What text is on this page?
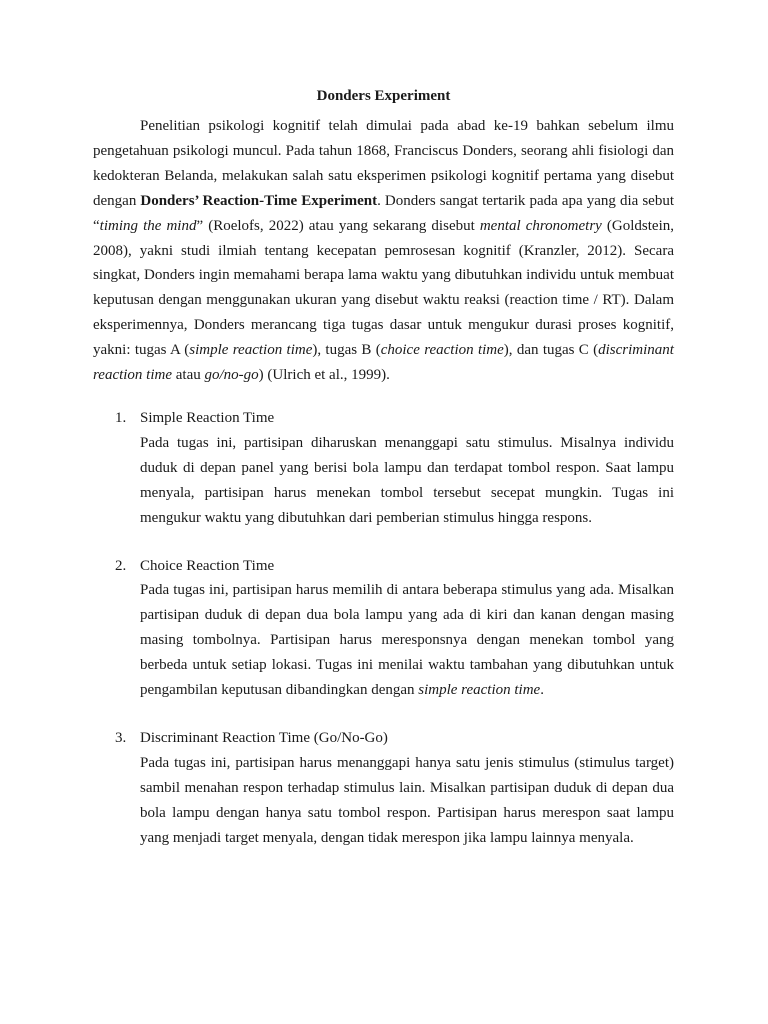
Donders Experiment

Penelitian psikologi kognitif telah dimulai pada abad ke-19 bahkan sebelum ilmu pengetahuan psikologi muncul. Pada tahun 1868, Franciscus Donders, seorang ahli fisiologi dan kedokteran Belanda, melakukan salah satu eksperimen psikologi kognitif pertama yang disebut dengan Donders’ Reaction-Time Experiment. Donders sangat tertarik pada apa yang dia sebut “timing the mind” (Roelofs, 2022) atau yang sekarang disebut mental chronometry (Goldstein, 2008), yakni studi ilmiah tentang kecepatan pemrosesan kognitif (Kranzler, 2012). Secara singkat, Donders ingin memahami berapa lama waktu yang dibutuhkan individu untuk membuat keputusan dengan menggunakan ukuran yang disebut waktu reaksi (reaction time / RT). Dalam eksperimennya, Donders merancang tiga tugas dasar untuk mengukur durasi proses kognitif, yakni: tugas A (simple reaction time), tugas B (choice reaction time), dan tugas C (discriminant reaction time atau go/no-go) (Ulrich et al., 1999).

1. Simple Reaction Time

Pada tugas ini, partisipan diharuskan menanggapi satu stimulus. Misalnya individu duduk di depan panel yang berisi bola lampu dan terdapat tombol respon. Saat lampu menyala, partisipan harus menekan tombol tersebut secepat mungkin. Tugas ini mengukur waktu yang dibutuhkan dari pemberian stimulus hingga respons.

2. Choice Reaction Time

Pada tugas ini, partisipan harus memilih di antara beberapa stimulus yang ada. Misalkan partisipan duduk di depan dua bola lampu yang ada di kiri dan kanan dengan masing masing tombolnya. Partisipan harus meresponsnya dengan menekan tombol yang berbeda untuk setiap lokasi. Tugas ini menilai waktu tambahan yang dibutuhkan untuk pengambilan keputusan dibandingkan dengan simple reaction time.

3. Discriminant Reaction Time (Go/No-Go)

Pada tugas ini, partisipan harus menanggapi hanya satu jenis stimulus (stimulus target) sambil menahan respon terhadap stimulus lain. Misalkan partisipan duduk di depan dua bola lampu dengan hanya satu tombol respon. Partisipan harus merespon saat lampu yang menjadi target menyala, dengan tidak merespon jika lampu lainnya menyala.
